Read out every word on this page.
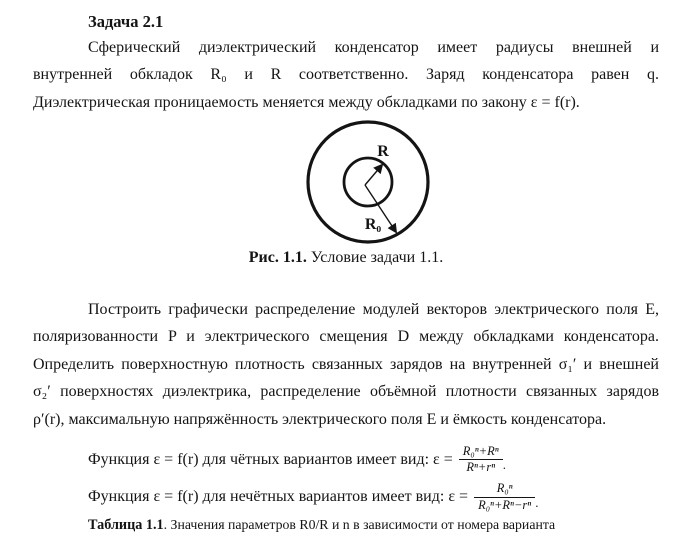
Задача 2.1
Сферический диэлектрический конденсатор имеет радиусы внешней и
внутренней обкладок R₀ и R соответственно. Заряд конденсатора равен q.
Диэлектрическая проницаемость меняется между обкладками по закону ε = f(r).
R
R₀
Рис. 1.1. Условие задачи 1.1.
Построить графически распределение модулей векторов электрического поля E,
поляризованности P и электрического смещения D между обкладками конденсатора.
Определить поверхностную плотность связанных зарядов на внутренней σ₁′ и внешней
σ₂′ поверхностях диэлектрика, распределение объёмной плотности связанных зарядов
ρ′(r), максимальную напряжённость электрического поля E и ёмкость конденсатора.
Функция ε = f(r) для чётных вариантов имеет вид: $\varepsilon = \frac{\text{R₀ⁿ+Rⁿ}}{\text{Rⁿ+rⁿ}}$ .
Функция ε = f(r) для нечётных вариантов имеет вид: $\varepsilon = \frac{\text{R₀ⁿ}}{\text{R₀ⁿ+Rⁿ−rⁿ}}$ .
Таблица 1.1. Значения параметров R0/R и n в зависимости от номера варианта
